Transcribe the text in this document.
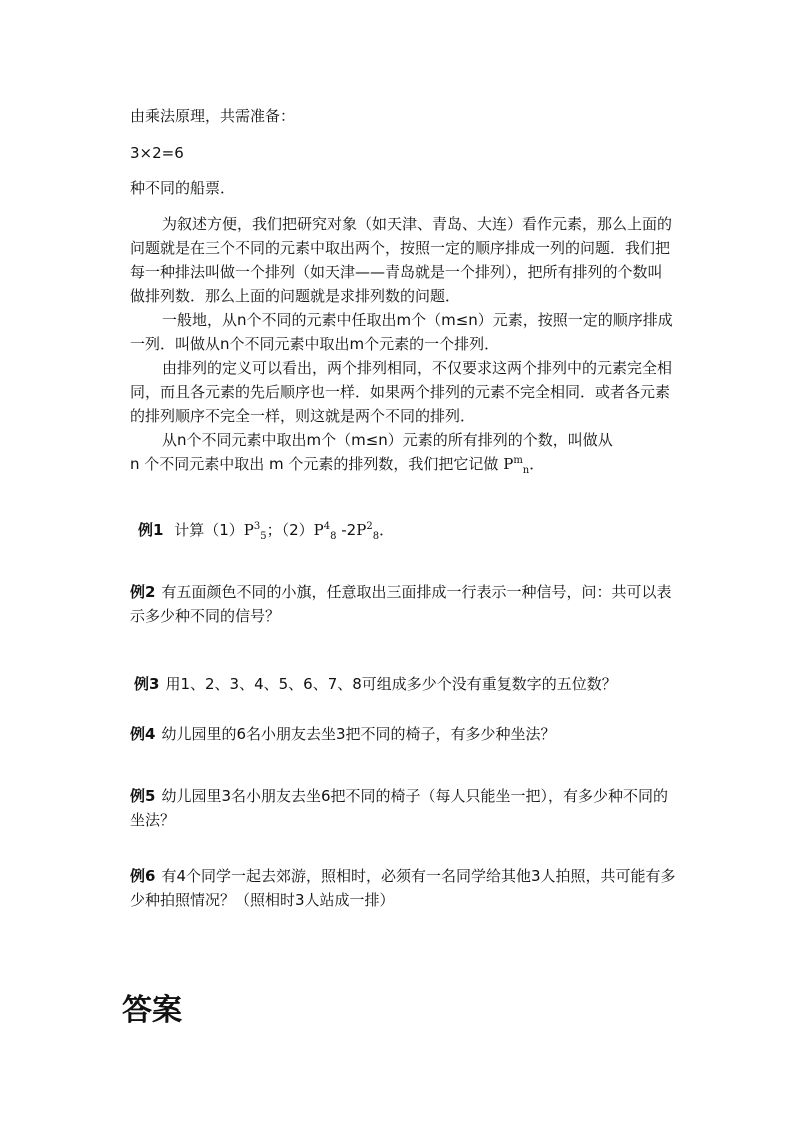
由乘法原理，共需准备：

3×2=6

种不同的船票．

为叙述方便，我们把研究对象（如天津、青岛、大连）看作元素，那么上面的问题就是在三个不同的元素中取出两个，按照一定的顺序排成一列的问题．我们把每一种排法叫做一个排列（如天津——青岛就是一个排列），把所有排列的个数叫做排列数．那么上面的问题就是求排列数的问题．

一般地，从n个不同的元素中任取出m个（m≤n）元素，按照一定的顺序排成一列．叫做从n个不同元素中取出m个元素的一个排列．

由排列的定义可以看出，两个排列相同，不仅要求这两个排列中的元素完全相同，而且各元素的先后顺序也一样．如果两个排列的元素不完全相同．或者各元素的排列顺序不完全一样，则这就是两个不同的排列．

从n个不同元素中取出m个（m≤n）元素的所有排列的个数，叫做从

n 个不同元素中取出 m 个元素的排列数，我们把它记做 $P^m_n$．

例1 计算$(1)P^3_5$；$(2)P^4_8$ $-2P^2_8$．

例2 有五面颜色不同的小旗，任意取出三面排成一行表示一种信号，问：共可以表示多少种不同的信号？

例3 用1、2、3、4、5、6、7、8可组成多少个没有重复数字的五位数？

例4 幼儿园里的6名小朋友去坐3把不同的椅子，有多少种坐法？

例5 幼儿园里3名小朋友去坐6把不同的椅子（每人只能坐一把），有多少种不同的坐法？

例6 有4个同学一起去郊游，照相时，必须有一名同学给其他3人拍照，共可能有多少种拍照情况？（照相时3人站成一排）

答案
